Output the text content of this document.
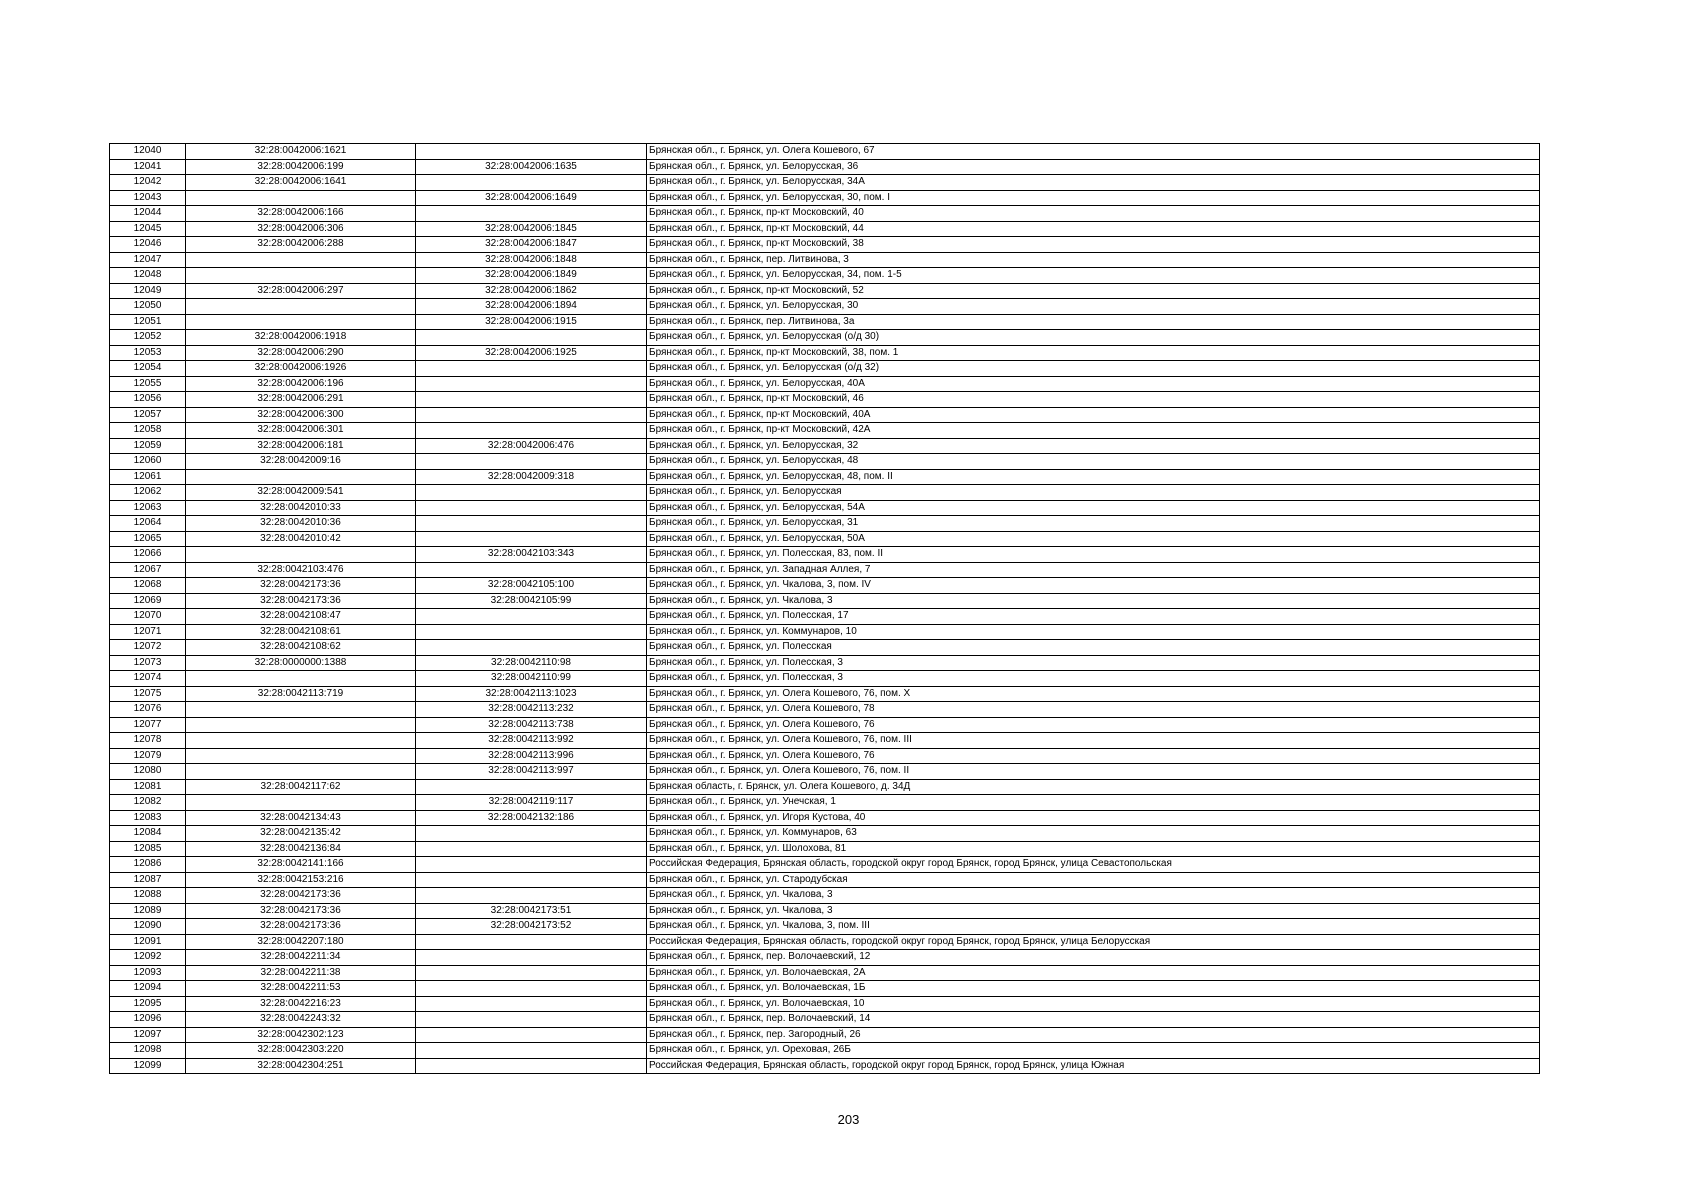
12040	32:28:0042006:1621		Брянская обл., г. Брянск, ул. Олега Кошевого, 67
12041	32:28:0042006:199	32:28:0042006:1635	Брянская обл., г. Брянск, ул. Белорусская, 36
12042	32:28:0042006:1641		Брянская обл., г. Брянск, ул. Белорусская, 34А
12043		32:28:0042006:1649	Брянская обл., г. Брянск, ул. Белорусская, 30, пом. I
12044	32:28:0042006:166		Брянская обл., г. Брянск, пр-кт Московский, 40
12045	32:28:0042006:306	32:28:0042006:1845	Брянская обл., г. Брянск, пр-кт Московский, 44
12046	32:28:0042006:288	32:28:0042006:1847	Брянская обл., г. Брянск, пр-кт Московский, 38
12047		32:28:0042006:1848	Брянская обл., г. Брянск, пер. Литвинова, 3
12048		32:28:0042006:1849	Брянская обл., г. Брянск, ул. Белорусская, 34, пом. 1-5
12049	32:28:0042006:297	32:28:0042006:1862	Брянская обл., г. Брянск, пр-кт Московский, 52
12050		32:28:0042006:1894	Брянская обл., г. Брянск, ул. Белорусская, 30
12051		32:28:0042006:1915	Брянская обл., г. Брянск, пер. Литвинова, 3а
12052	32:28:0042006:1918		Брянская обл., г. Брянск, ул. Белорусская (о/д 30)
12053	32:28:0042006:290	32:28:0042006:1925	Брянская обл., г. Брянск, пр-кт Московский, 38, пом. 1
12054	32:28:0042006:1926		Брянская обл., г. Брянск, ул. Белорусская (о/д 32)
12055	32:28:0042006:196		Брянская обл., г. Брянск, ул. Белорусская, 40А
12056	32:28:0042006:291		Брянская обл., г. Брянск, пр-кт Московский, 46
12057	32:28:0042006:300		Брянская обл., г. Брянск, пр-кт Московский, 40А
12058	32:28:0042006:301		Брянская обл., г. Брянск, пр-кт Московский, 42А
12059	32:28:0042006:181	32:28:0042006:476	Брянская обл., г. Брянск, ул. Белорусская, 32
12060	32:28:0042009:16		Брянская обл., г. Брянск, ул. Белорусская, 48
12061		32:28:0042009:318	Брянская обл., г. Брянск, ул. Белорусская, 48, пом. II
12062	32:28:0042009:541		Брянская обл., г. Брянск, ул. Белорусская
12063	32:28:0042010:33		Брянская обл., г. Брянск, ул. Белорусская, 54А
12064	32:28:0042010:36		Брянская обл., г. Брянск, ул. Белорусская, 31
12065	32:28:0042010:42		Брянская обл., г. Брянск, ул. Белорусская, 50А
12066		32:28:0042103:343	Брянская обл., г. Брянск, ул. Полесская, 83, пом. II
12067	32:28:0042103:476		Брянская обл., г. Брянск, ул. Западная Аллея, 7
12068	32:28:0042173:36	32:28:0042105:100	Брянская обл., г. Брянск, ул. Чкалова, 3, пом. IV
12069	32:28:0042173:36	32:28:0042105:99	Брянская обл., г. Брянск, ул. Чкалова, 3
12070	32:28:0042108:47		Брянская обл., г. Брянск, ул. Полесская, 17
12071	32:28:0042108:61		Брянская обл., г. Брянск, ул. Коммунаров, 10
12072	32:28:0042108:62		Брянская обл., г. Брянск, ул. Полесская
12073	32:28:0000000:1388	32:28:0042110:98	Брянская обл., г. Брянск, ул. Полесская, 3
12074		32:28:0042110:99	Брянская обл., г. Брянск, ул. Полесская, 3
12075	32:28:0042113:719	32:28:0042113:1023	Брянская обл., г. Брянск, ул. Олега Кошевого, 76, пом. X
12076		32:28:0042113:232	Брянская обл., г. Брянск, ул. Олега Кошевого, 78
12077		32:28:0042113:738	Брянская обл., г. Брянск, ул. Олега Кошевого, 76
12078		32:28:0042113:992	Брянская обл., г. Брянск, ул. Олега Кошевого, 76, пом. III
12079		32:28:0042113:996	Брянская обл., г. Брянск, ул. Олега Кошевого, 76
12080		32:28:0042113:997	Брянская обл., г. Брянск, ул. Олега Кошевого, 76, пом. II
12081	32:28:0042117:62		Брянская область, г. Брянск, ул. Олега Кошевого, д. 34Д
12082		32:28:0042119:117	Брянская обл., г. Брянск, ул. Унечская, 1
12083	32:28:0042134:43	32:28:0042132:186	Брянская обл., г. Брянск, ул. Игоря Кустова, 40
12084	32:28:0042135:42		Брянская обл., г. Брянск, ул. Коммунаров, 63
12085	32:28:0042136:84		Брянская обл., г. Брянск, ул. Шолохова, 81
12086	32:28:0042141:166		Российская Федерация, Брянская область, городской округ город Брянск, город Брянск, улица Севастопольская
12087	32:28:0042153:216		Брянская обл., г. Брянск, ул. Стародубская
12088	32:28:0042173:36		Брянская обл., г. Брянск, ул. Чкалова, 3
12089	32:28:0042173:36	32:28:0042173:51	Брянская обл., г. Брянск, ул. Чкалова, 3
12090	32:28:0042173:36	32:28:0042173:52	Брянская обл., г. Брянск, ул. Чкалова, 3, пом. III
12091	32:28:0042207:180		Российская Федерация, Брянская область, городской округ город Брянск, город Брянск, улица Белорусская
12092	32:28:0042211:34		Брянская обл., г. Брянск, пер. Волочаевский, 12
12093	32:28:0042211:38		Брянская обл., г. Брянск, ул. Волочаевская, 2А
12094	32:28:0042211:53		Брянская обл., г. Брянск, ул. Волочаевская, 1Б
12095	32:28:0042216:23		Брянская обл., г. Брянск, ул. Волочаевская, 10
12096	32:28:0042243:32		Брянская обл., г. Брянск, пер. Волочаевский, 14
12097	32:28:0042302:123		Брянская обл., г. Брянск, пер. Загородный, 26
12098	32:28:0042303:220		Брянская обл., г. Брянск, ул. Ореховая, 26Б
12099	32:28:0042304:251		Российская Федерация, Брянская область, городской округ город Брянск, город Брянск, улица Южная
203
